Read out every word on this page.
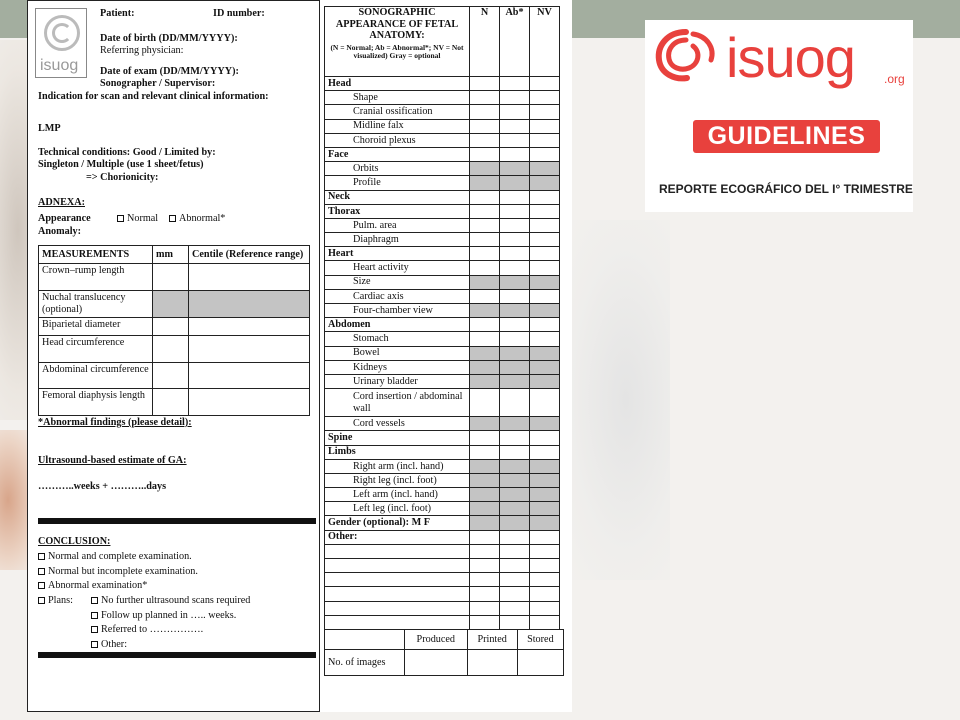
isuog
Patient:	ID number:
Date of birth (DD/MM/YYYY):
Referring physician:
Date of exam (DD/MM/YYYY):
Sonographer / Supervisor:
Indication for scan and relevant clinical information:
LMP
Technical conditions: Good / Limited by:
Singleton / Multiple (use 1 sheet/fetus)
=> Chorionicity:
ADNEXA:
Appearance	Normal	Abnormal*
Anomaly:
MEASUREMENTS	mm	Centile (Reference range)
Crown–rump length		
Nuchal translucency (optional)		
Biparietal diameter		
Head circumference		
Abdominal circumference		
Femoral diaphysis length		
*Abnormal findings (please detail):
Ultrasound-based estimate of GA:
………..weeks + ………..days
CONCLUSION:
Normal and complete examination.
Normal but incomplete examination.
Abnormal examination*
Plans:	No further ultrasound scans required
Follow up planned in ….. weeks.
Referred to …………….
Other:
SONOGRAPHIC APPEARANCE OF FETAL ANATOMY:
(N = Normal; Ab = Abnormal*; NV = Not visualized) Gray = optional	N	Ab*	NV
Head			
Shape			
Cranial ossification			
Midline falx			
Choroid plexus			
Face			
Orbits			
Profile			
Neck			
Thorax			
Pulm. area			
Diaphragm			
Heart			
Heart activity			
Size			
Cardiac axis			
Four-chamber view			
Abdomen			
Stomach			
Bowel			
Kidneys			
Urinary bladder			
Cord insertion / abdominal wall			
Cord vessels			
Spine			
Limbs			
Right arm (incl. hand)			
Right leg (incl. foot)			
Left arm (incl. hand)			
Left leg (incl. foot)			
Gender (optional): M F			
Other:			

	Produced	Printed	Stored
No. of images			
isuog .org
GUIDELINES
REPORTE ECOGRÁFICO DEL I° TRIMESTRE
